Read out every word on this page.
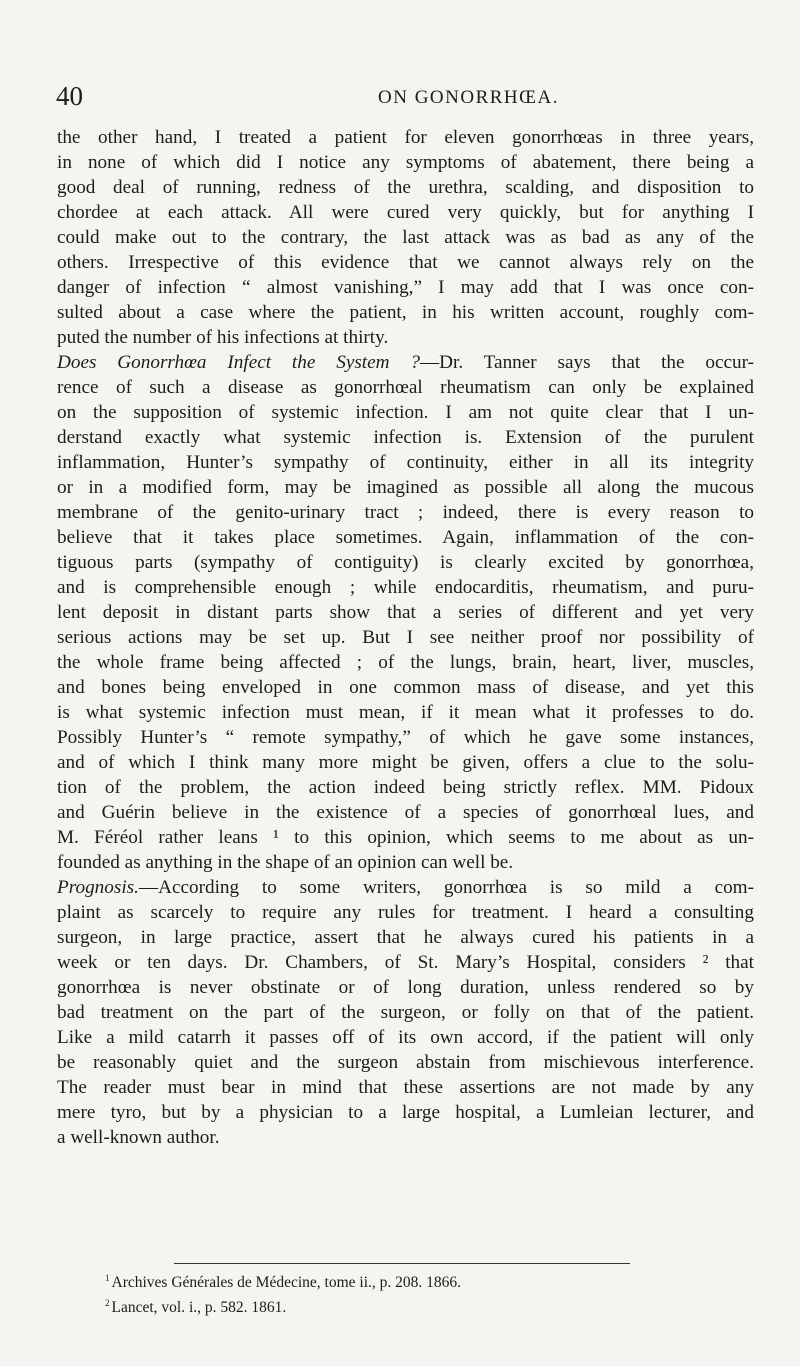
40	ON GONORRHŒA.
the other hand, I treated a patient for eleven gonorrhœas in three years,
in none of which did I notice any symptoms of abatement, there being a
good deal of running, redness of the urethra, scalding, and disposition to
chordee at each attack. All were cured very quickly, but for anything I
could make out to the contrary, the last attack was as bad as any of the
others. Irrespective of this evidence that we cannot always rely on the
danger of infection “ almost vanishing,” I may add that I was once con-
sulted about a case where the patient, in his written account, roughly com-
puted the number of his infections at thirty.
Does Gonorrhœa Infect the System ?—Dr. Tanner says that the occur-
rence of such a disease as gonorrhœal rheumatism can only be explained
on the supposition of systemic infection. I am not quite clear that I un-
derstand exactly what systemic infection is. Extension of the purulent
inflammation, Hunter’s sympathy of continuity, either in all its integrity
or in a modified form, may be imagined as possible all along the mucous
membrane of the genito-urinary tract ; indeed, there is every reason to
believe that it takes place sometimes. Again, inflammation of the con-
tiguous parts (sympathy of contiguity) is clearly excited by gonorrhœa,
and is comprehensible enough ; while endocarditis, rheumatism, and puru-
lent deposit in distant parts show that a series of different and yet very
serious actions may be set up. But I see neither proof nor possibility of
the whole frame being affected ; of the lungs, brain, heart, liver, muscles,
and bones being enveloped in one common mass of disease, and yet this
is what systemic infection must mean, if it mean what it professes to do.
Possibly Hunter’s “ remote sympathy,” of which he gave some instances,
and of which I think many more might be given, offers a clue to the solu-
tion of the problem, the action indeed being strictly reflex. MM. Pidoux
and Guérin believe in the existence of a species of gonorrhœal lues, and
M. Féréol rather leans ¹ to this opinion, which seems to me about as un-
founded as anything in the shape of an opinion can well be.
Prognosis.—According to some writers, gonorrhœa is so mild a com-
plaint as scarcely to require any rules for treatment. I heard a consulting
surgeon, in large practice, assert that he always cured his patients in a
week or ten days. Dr. Chambers, of St. Mary’s Hospital, considers ² that
gonorrhœa is never obstinate or of long duration, unless rendered so by
bad treatment on the part of the surgeon, or folly on that of the patient.
Like a mild catarrh it passes off of its own accord, if the patient will only
be reasonably quiet and the surgeon abstain from mischievous interference.
The reader must bear in mind that these assertions are not made by any
mere tyro, but by a physician to a large hospital, a Lumleian lecturer, and
a well-known author.
$^1$ Archives Générales de Médecine, tome ii., p. 208. 1866.
$^2$ Lancet, vol. i., p. 582. 1861.
